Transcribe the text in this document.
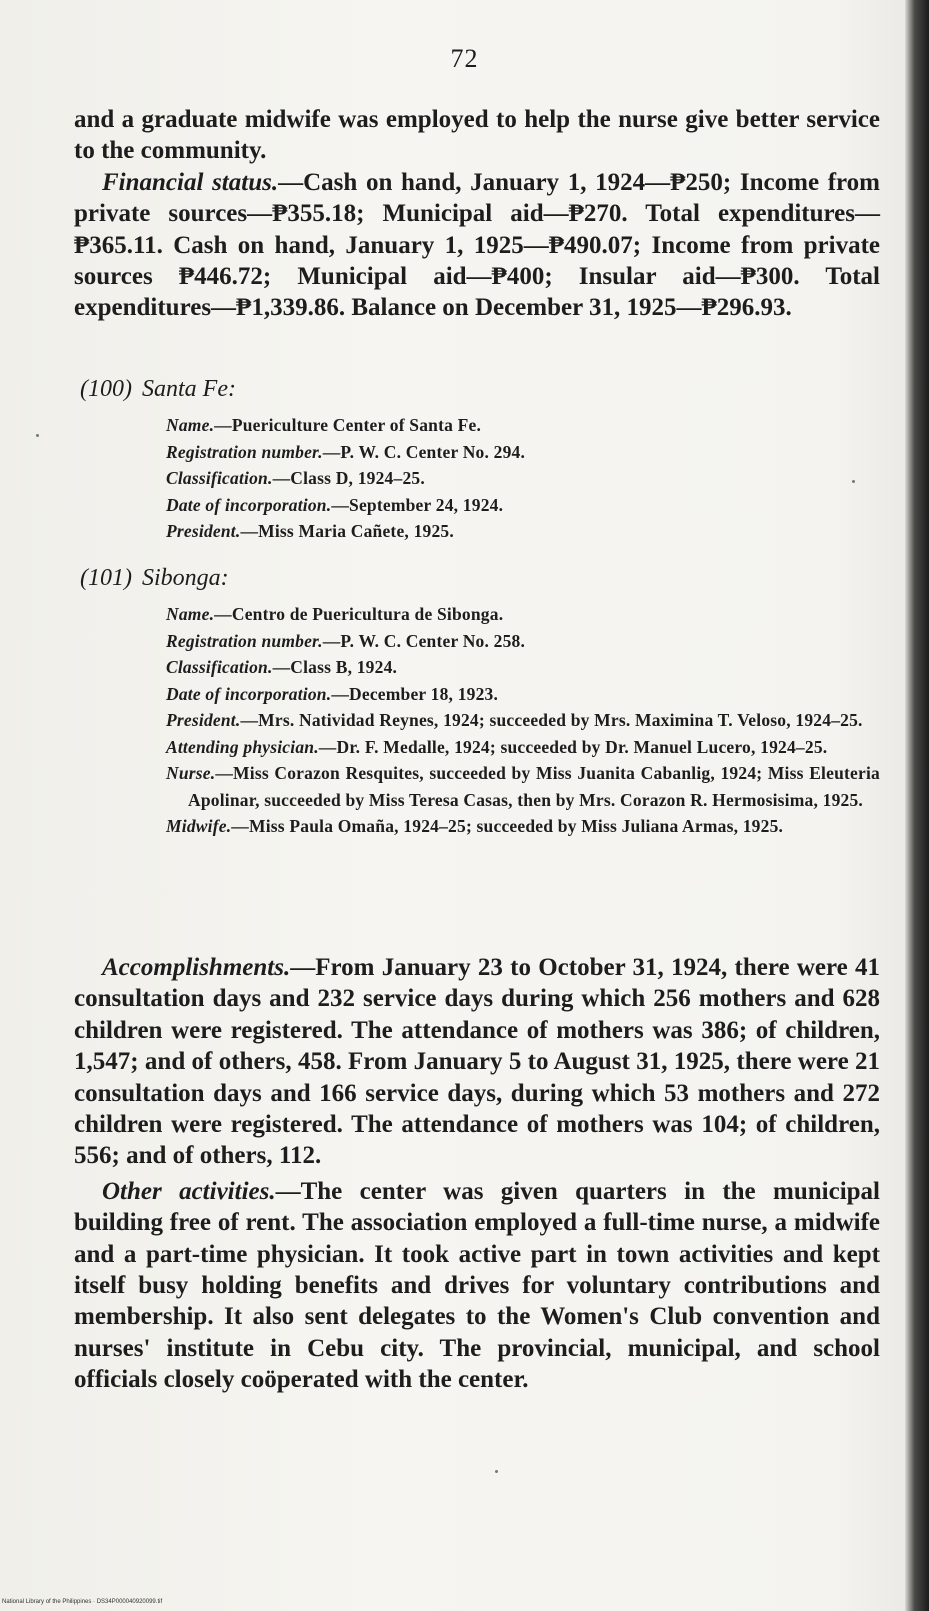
72

and a graduate midwife was employed to help the nurse give better service to the community.

Financial status.—Cash on hand, January 1, 1924—₱250; Income from private sources—₱355.18; Municipal aid—₱270. Total expenditures—₱365.11. Cash on hand, January 1, 1925—₱490.07; Income from private sources ₱446.72; Municipal aid—₱400; Insular aid—₱300. Total expenditures—₱1,339.86. Balance on December 31, 1925—₱296.93.

(100) Santa Fe:

Name.—Puericulture Center of Santa Fe.

Registration number.—P. W. C. Center No. 294.

Classification.—Class D, 1924–25.

Date of incorporation.—September 24, 1924.

President.—Miss Maria Cañete, 1925.

(101) Sibonga:

Name.—Centro de Puericultura de Sibonga.

Registration number.—P. W. C. Center No. 258.

Classification.—Class B, 1924.

Date of incorporation.—December 18, 1923.

President.—Mrs. Natividad Reynes, 1924; succeeded by Mrs. Maximina T. Veloso, 1924–25.

Attending physician.—Dr. F. Medalle, 1924; succeeded by Dr. Manuel Lucero, 1924–25.

Nurse.—Miss Corazon Resquites, succeeded by Miss Juanita Cabanlig, 1924; Miss Eleuteria Apolinar, succeeded by Miss Teresa Casas, then by Mrs. Corazon R. Hermosisima, 1925.

Midwife.—Miss Paula Omaña, 1924–25; succeeded by Miss Juliana Armas, 1925.

Accomplishments.—From January 23 to October 31, 1924, there were 41 consultation days and 232 service days during which 256 mothers and 628 children were registered. The attendance of mothers was 386; of children, 1,547; and of others, 458. From January 5 to August 31, 1925, there were 21 consultation days and 166 service days, during which 53 mothers and 272 children were registered. The attendance of mothers was 104; of children, 556; and of others, 112.

Other activities.—The center was given quarters in the municipal building free of rent. The association employed a full-time nurse, a midwife and a part-time physician. It took active part in town activities and kept itself busy holding benefits and drives for voluntary contributions and membership. It also sent delegates to the Women's Club convention and nurses' institute in Cebu city. The provincial, municipal, and school officials closely coöperated with the center.

National Library of the Philippines · DS34P000040920099.tif
